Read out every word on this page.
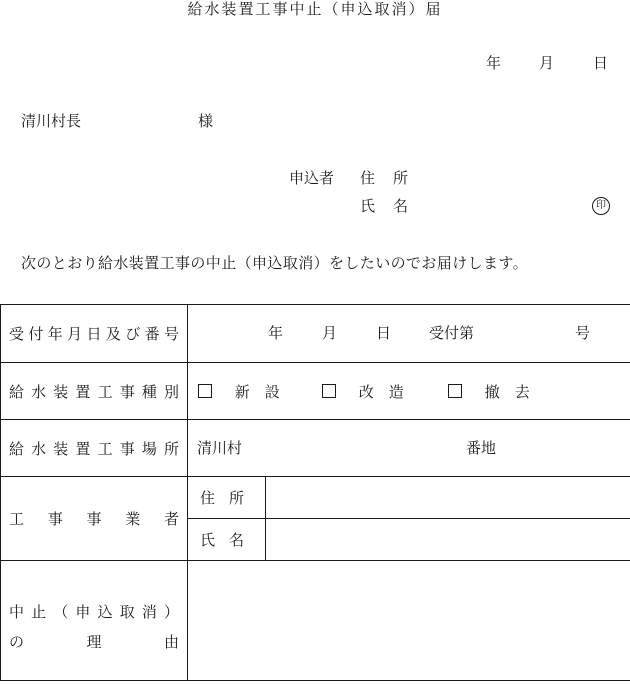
給水装置工事中止（申込取消）届
年	月	日
清川村長	様
申込者 住所
氏名	印
次のとおり給水装置工事の中止（申込取消）をしたいのでお届けします。
受付年月日及び番号	年 月 日 受付第 号	

給水装置工事種別	新　設 改　造 撤　去	

給水装置工事場所	清川村 番地	

工事事業者	住所	
	氏名	

中止（申込取消）
の理由		
